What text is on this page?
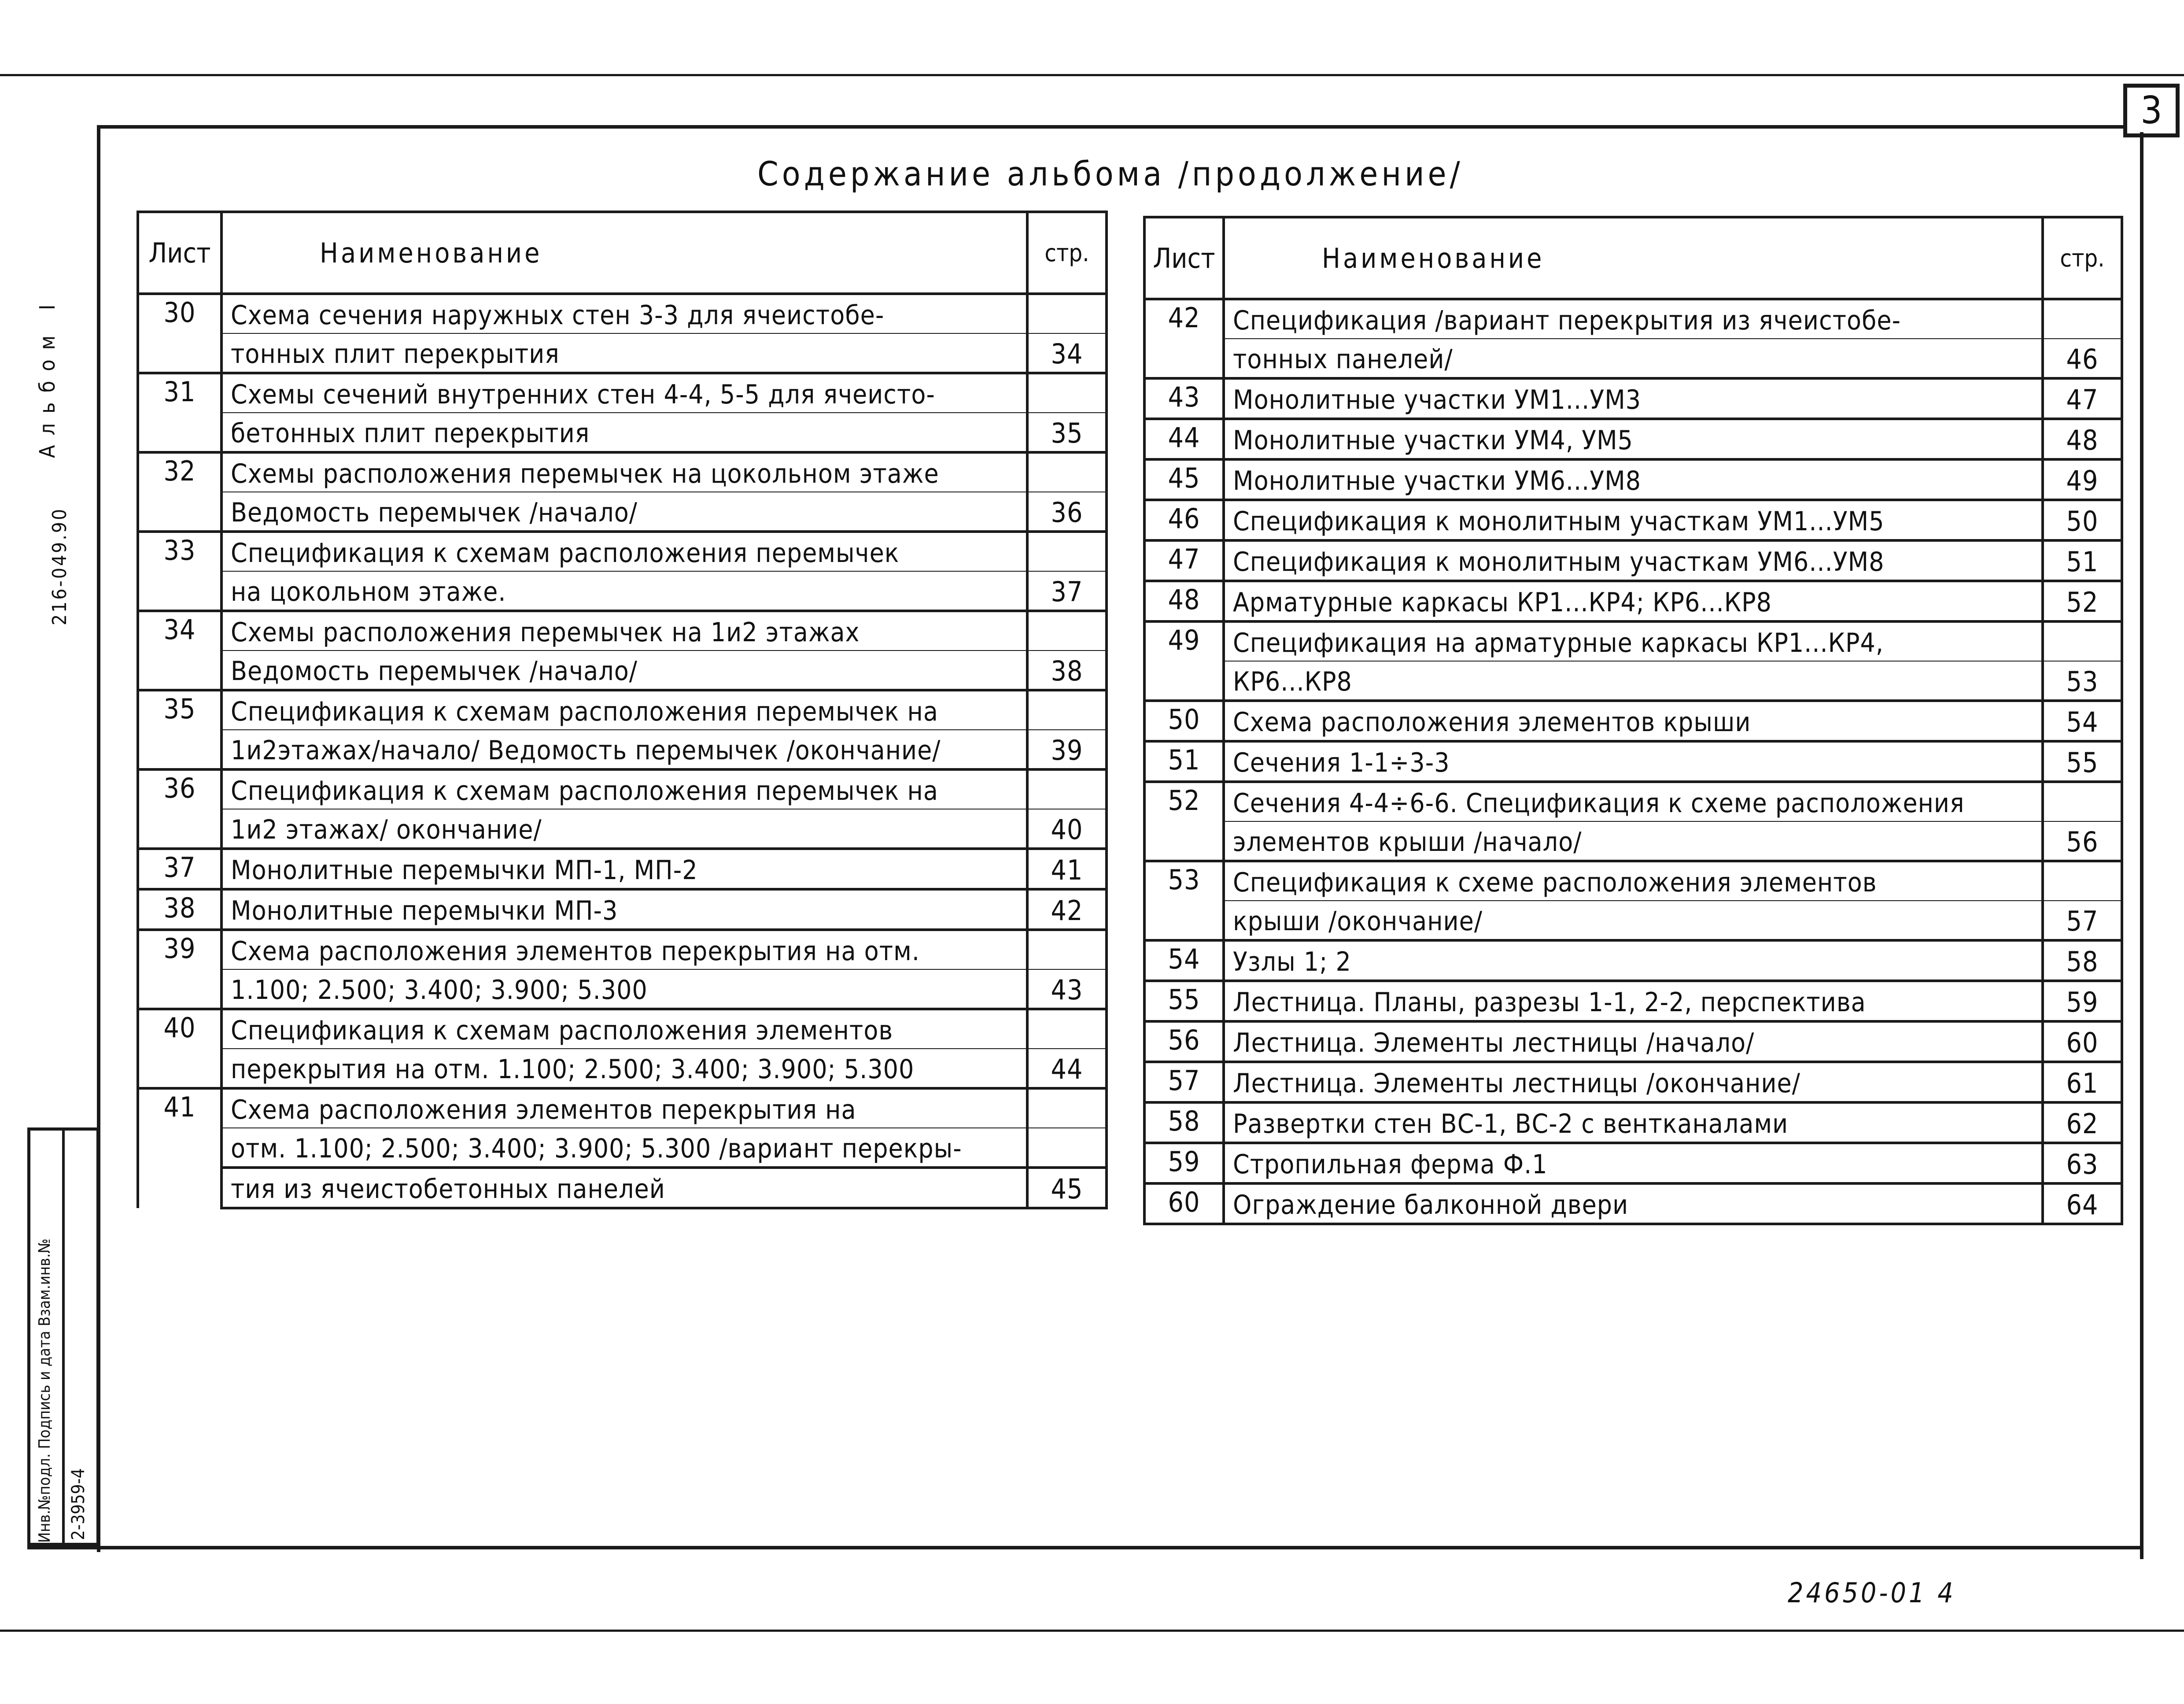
3
Содержание альбома /продолжение/
Альбом I
216-049.90
Инв.№подл. Подпись и дата Взам.инв.№ 2-3959-4
Лист	Наименование	стр.
30	Схема сечения наружных стен 3-3 для ячеистобе-	
	тонных плит перекрытия	34
31	Схемы сечений внутренних стен 4-4, 5-5 для ячеисто-	
	бетонных плит перекрытия	35
32	Схемы расположения перемычек на цокольном этаже	
	Ведомость перемычек /начало/	36
33	Спецификация к схемам расположения перемычек	
	на цокольном этаже.	37
34	Схемы расположения перемычек на 1и2 этажах	
	Ведомость перемычек /начало/	38
35	Спецификация к схемам расположения перемычек на	
	1и2этажах/начало/ Ведомость перемычек /окончание/	39
36	Спецификация к схемам расположения перемычек на	
	1и2 этажах/ окончание/	40
37	Монолитные перемычки МП-1, МП-2	41
38	Монолитные перемычки МП-3	42
39	Схема расположения элементов перекрытия на отм.	
	1.100; 2.500; 3.400; 3.900; 5.300	43
40	Спецификация к схемам расположения элементов	
	перекрытия на отм. 1.100; 2.500; 3.400; 3.900; 5.300	44
41	Схема расположения элементов перекрытия на	
	отм. 1.100; 2.500; 3.400; 3.900; 5.300 /вариант перекры-	
	тия из ячеистобетонных панелей	45
Лист	Наименование	стр.
42	Спецификация /вариант перекрытия из ячеистобе-	
	тонных панелей/	46
43	Монолитные участки УМ1...УМ3	47
44	Монолитные участки УМ4, УМ5	48
45	Монолитные участки УМ6...УМ8	49
46	Спецификация к монолитным участкам УМ1...УМ5	50
47	Спецификация к монолитным участкам УМ6...УМ8	51
48	Арматурные каркасы КР1...КР4; КР6...КР8	52
49	Спецификация на арматурные каркасы КР1...КР4,	
	КР6...КР8	53
50	Схема расположения элементов крыши	54
51	Сечения 1-1÷3-3	55
52	Сечения 4-4÷6-6. Спецификация к схеме расположения	
	элементов крыши /начало/	56
53	Спецификация к схеме расположения элементов	
	крыши /окончание/	57
54	Узлы 1; 2	58
55	Лестница. Планы, разрезы 1-1, 2-2, перспектива	59
56	Лестница. Элементы лестницы /начало/	60
57	Лестница. Элементы лестницы /окончание/	61
58	Развертки стен ВС-1, ВС-2 с вентканалами	62
59	Стропильная ферма Ф.1	63
60	Ограждение балконной двери	64
24650-01 4
